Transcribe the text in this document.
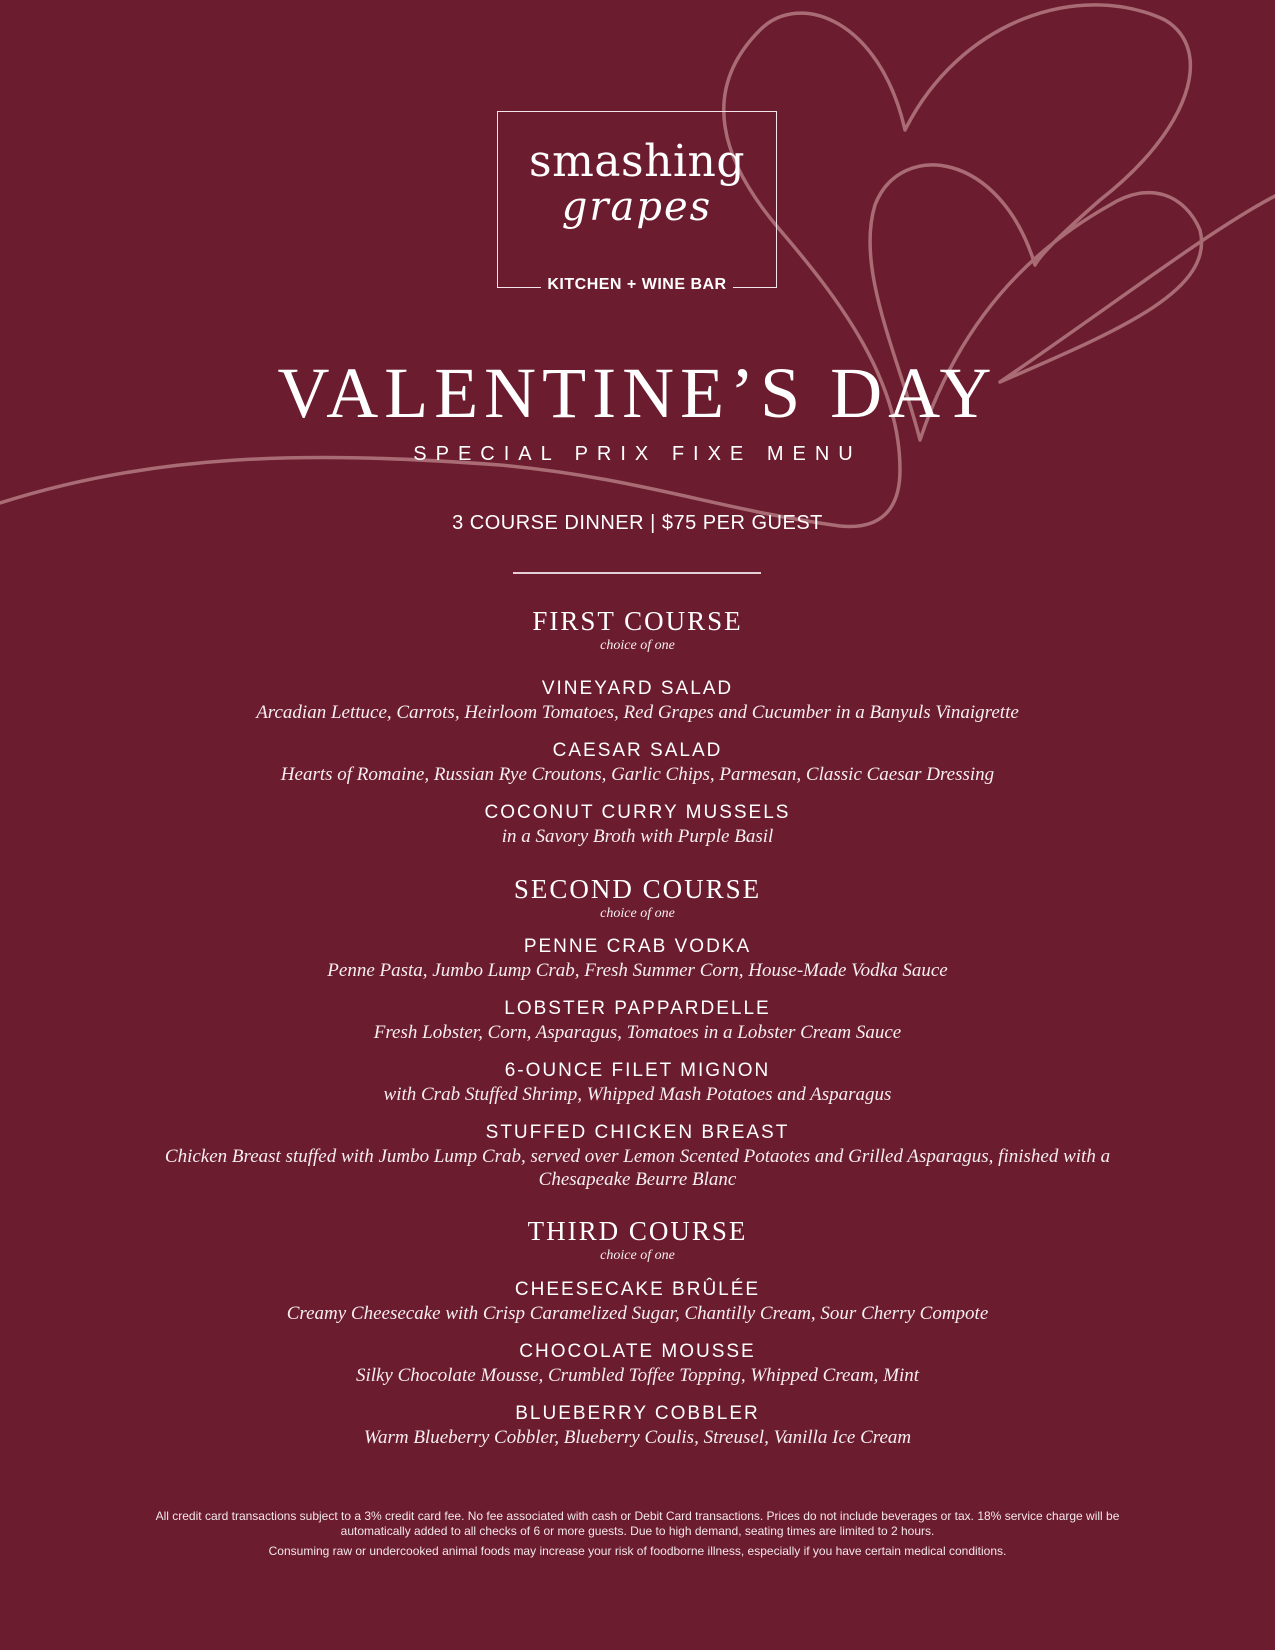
smashing
grapes
KITCHEN + WINE BAR
VALENTINE’S DAY
SPECIAL PRIX FIXE MENU
3 COURSE DINNER | $75 PER GUEST
FIRST COURSE
choice of one
VINEYARD SALAD
Arcadian Lettuce, Carrots, Heirloom Tomatoes, Red Grapes and Cucumber in a Banyuls Vinaigrette
CAESAR SALAD
Hearts of Romaine, Russian Rye Croutons, Garlic Chips, Parmesan, Classic Caesar Dressing
COCONUT CURRY MUSSELS
in a Savory Broth with Purple Basil
SECOND COURSE
choice of one
PENNE CRAB VODKA
Penne Pasta, Jumbo Lump Crab, Fresh Summer Corn, House-Made Vodka Sauce
LOBSTER PAPPARDELLE
Fresh Lobster, Corn, Asparagus, Tomatoes in a Lobster Cream Sauce
6-OUNCE FILET MIGNON
with Crab Stuffed Shrimp, Whipped Mash Potatoes and Asparagus
STUFFED CHICKEN BREAST
Chicken Breast stuffed with Jumbo Lump Crab, served over Lemon Scented Potaotes and Grilled Asparagus, finished with a Chesapeake Beurre Blanc
THIRD COURSE
choice of one
CHEESECAKE BRÛLÉE
Creamy Cheesecake with Crisp Caramelized Sugar, Chantilly Cream, Sour Cherry Compote
CHOCOLATE MOUSSE
Silky Chocolate Mousse, Crumbled Toffee Topping, Whipped Cream, Mint
BLUEBERRY COBBLER
Warm Blueberry Cobbler, Blueberry Coulis, Streusel, Vanilla Ice Cream
All credit card transactions subject to a 3% credit card fee. No fee associated with cash or Debit Card transactions. Prices do not include beverages or tax. 18% service charge will be automatically added to all checks of 6 or more guests. Due to high demand, seating times are limited to 2 hours.
Consuming raw or undercooked animal foods may increase your risk of foodborne illness, especially if you have certain medical conditions.
